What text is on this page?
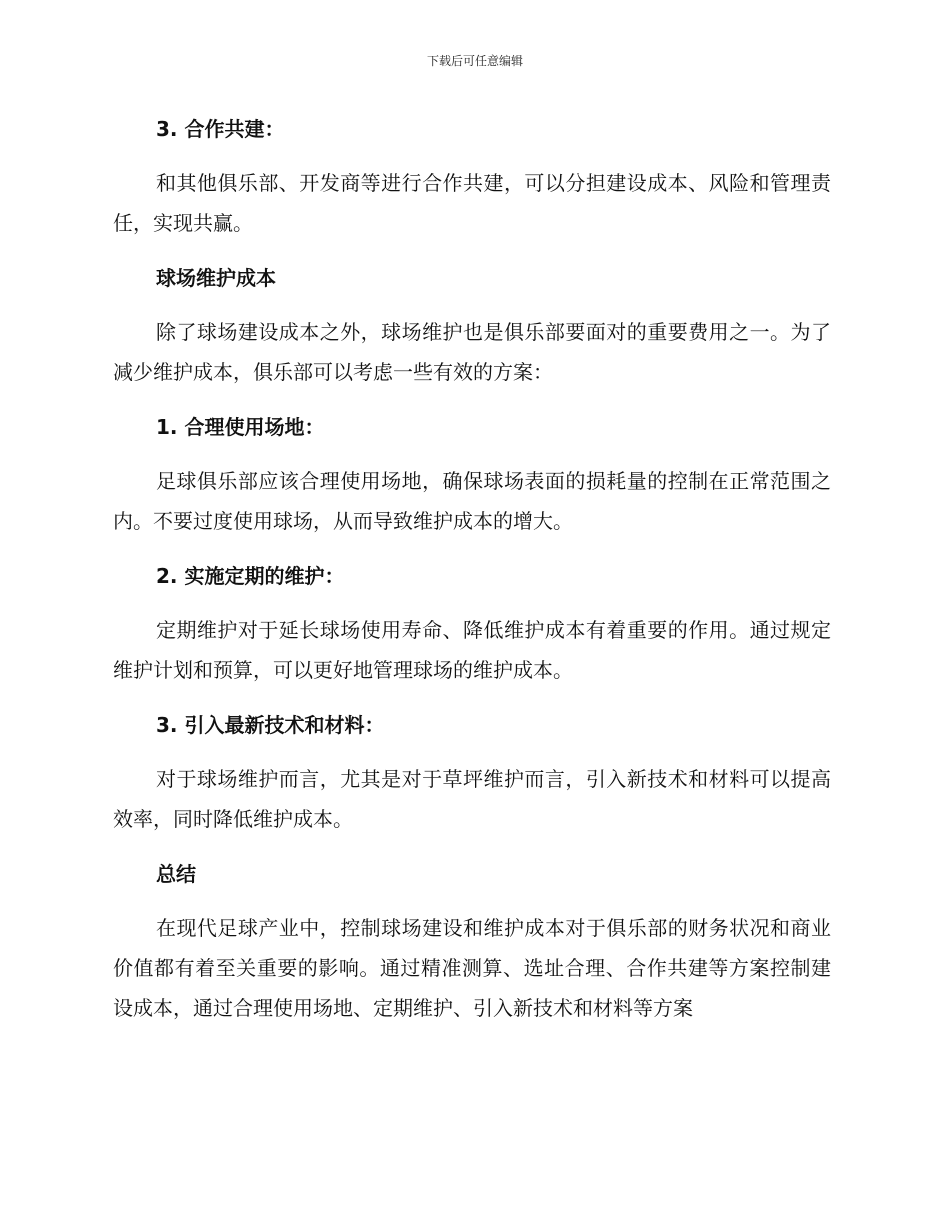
下载后可任意编辑
3. 合作共建：
和其他俱乐部、开发商等进行合作共建，可以分担建设成本、风险和管理责任，实现共赢。
球场维护成本
除了球场建设成本之外，球场维护也是俱乐部要面对的重要费用之一。为了减少维护成本，俱乐部可以考虑一些有效的方案：
1. 合理使用场地：
足球俱乐部应该合理使用场地，确保球场表面的损耗量的控制在正常范围之内。不要过度使用球场，从而导致维护成本的增大。
2. 实施定期的维护：
定期维护对于延长球场使用寿命、降低维护成本有着重要的作用。通过规定维护计划和预算，可以更好地管理球场的维护成本。
3. 引入最新技术和材料：
对于球场维护而言，尤其是对于草坪维护而言，引入新技术和材料可以提高效率，同时降低维护成本。
总结
在现代足球产业中，控制球场建设和维护成本对于俱乐部的财务状况和商业价值都有着至关重要的影响。通过精准测算、选址合理、合作共建等方案控制建设成本，通过合理使用场地、定期维护、引入新技术和材料等方案
